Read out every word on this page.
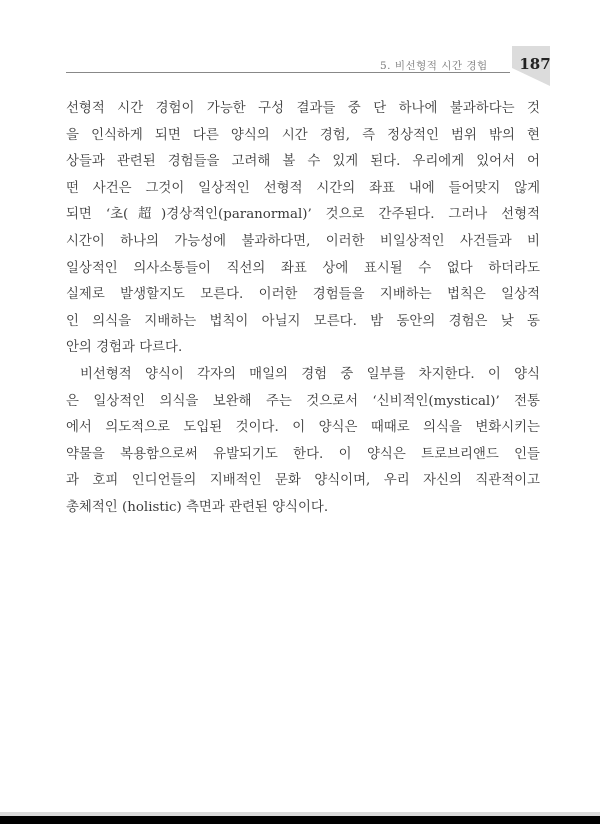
5. 비선형적 시간 경험 187
선형적 시간 경험이 가능한 구성 결과들 중 단 하나에 불과하다는 것
을 인식하게 되면 다른 양식의 시간 경험, 즉 정상적인 범위 밖의 현
상들과 관련된 경험들을 고려해 볼 수 있게 된다. 우리에게 있어서 어
떤 사건은 그것이 일상적인 선형적 시간의 좌표 내에 들어맞지 않게
되면 ‘초(超)경상적인(paranormal)’ 것으로 간주된다. 그러나 선형적
시간이 하나의 가능성에 불과하다면, 이러한 비일상적인 사건들과 비
일상적인 의사소통들이 직선의 좌표 상에 표시될 수 없다 하더라도
실제로 발생할지도 모른다. 이러한 경험들을 지배하는 법칙은 일상적
인 의식을 지배하는 법칙이 아닐지 모른다. 밤 동안의 경험은 낮 동
안의 경험과 다르다.
비선형적 양식이 각자의 매일의 경험 중 일부를 차지한다. 이 양식
은 일상적인 의식을 보완해 주는 것으로서 ‘신비적인(mystical)’ 전통
에서 의도적으로 도입된 것이다. 이 양식은 때때로 의식을 변화시키는
약물을 복용함으로써 유발되기도 한다. 이 양식은 트로브리앤드 인들
과 호피 인디언들의 지배적인 문화 양식이며, 우리 자신의 직관적이고
총체적인 (holistic) 측면과 관련된 양식이다.
